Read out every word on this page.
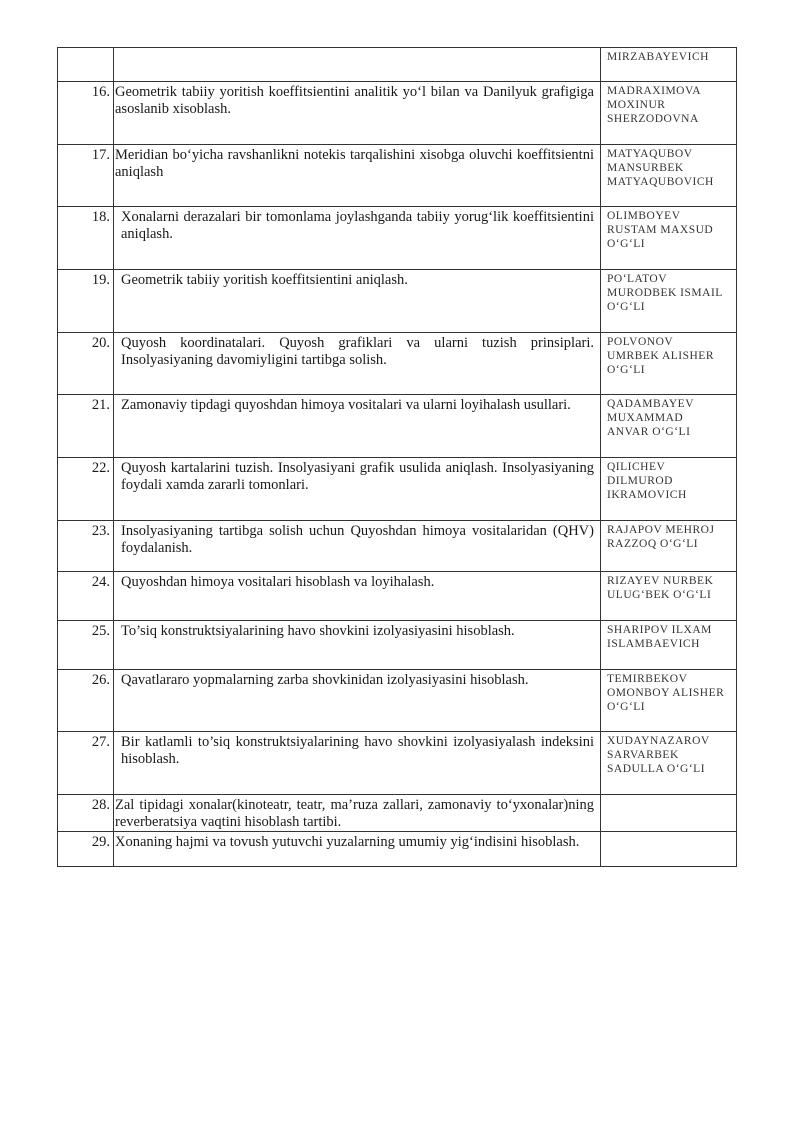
		MIRZABAYEVICH

16.	Geometrik tabiiy yoritish koeffitsientini analitik yo‘l bilan va Danilyuk grafigiga asoslanib xisoblash.	MADRAXIMOVA
MOXINUR
SHERZODOVNA

17.	Meridian bo‘yicha ravshanlikni notekis tarqalishini xisobga oluvchi koeffitsientni aniqlash	MATYAQUBOV
MANSURBEK
MATYAQUBOVICH

18.	Xonalarni derazalari bir tomonlama joylashganda tabiiy yorug‘lik koeffitsientini aniqlash.	OLIMBOYEV
RUSTAM MAXSUD
O‘G‘LI

19.	Geometrik tabiiy yoritish koeffitsientini aniqlash.	PO‘LATOV
MURODBEK ISMAIL
O‘G‘LI

20.	Quyosh koordinatalari. Quyosh grafiklari va ularni tuzish prinsiplari. Insolyasiyaning davomiyligini tartibga solish.	POLVONOV
UMRBEK ALISHER
O‘G‘LI

21.	Zamonaviy tipdagi quyoshdan himoya vositalari va ularni loyihalash usullari.	QADAMBAYEV
MUXAMMAD
ANVAR O‘G‘LI

22.	Quyosh kartalarini tuzish. Insolyasiyani grafik usulida aniqlash. Insolyasiyaning foydali xamda zararli tomonlari.	QILICHEV
DILMUROD
IKRAMOVICH

23.	Insolyasiyaning tartibga solish uchun Quyoshdan himoya vositalaridan (QHV) foydalanish.	RAJAPOV MEHROJ
RAZZOQ O‘G‘LI

24.	Quyoshdan himoya vositalari hisoblash va loyihalash.	RIZAYEV NURBEK
ULUG‘BEK O‘G‘LI

25.	To’siq konstruktsiyalarining havo shovkini izolyasiyasini hisoblash.	SHARIPOV ILXAM
ISLAMBAEVICH

26.	Qavatlararo yopmalarning zarba shovkinidan izolyasiyasini hisoblash.	TEMIRBEKOV
OMONBOY ALISHER
O‘G‘LI

27.	Bir katlamli to’siq konstruktsiyalarining havo shovkini izolyasiyalash indeksini hisoblash.	XUDAYNAZAROV
SARVARBEK
SADULLA O‘G‘LI

28.	Zal tipidagi xonalar(kinoteatr, teatr, ma’ruza zallari, zamonaviy to‘yxonalar)ning reverberatsiya vaqtini hisoblash tartibi.	
29.	Xonaning hajmi va tovush yutuvchi yuzalarning umumiy yig‘indisini hisoblash.	
